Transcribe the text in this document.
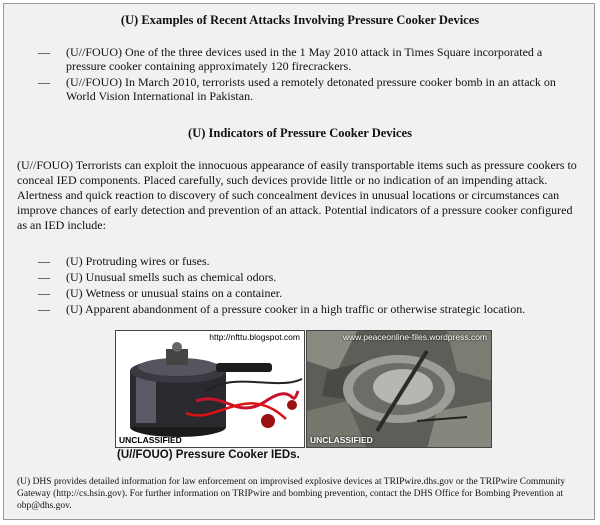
(U) Examples of Recent Attacks Involving Pressure Cooker Devices
—	(U//FOUO) One of the three devices used in the 1 May 2010 attack in Times Square incorporated a pressure cooker containing approximately 120 firecrackers.
—	(U//FOUO) In March 2010, terrorists used a remotely detonated pressure cooker bomb in an attack on World Vision International in Pakistan.
(U) Indicators of Pressure Cooker Devices
(U//FOUO) Terrorists can exploit the innocuous appearance of easily transportable items such as pressure cookers to conceal IED components. Placed carefully, such devices provide little or no indication of an impending attack. Alertness and quick reaction to discovery of such concealment devices in unusual locations or circumstances can improve chances of early detection and prevention of an attack. Potential indicators of a pressure cooker configured as an IED include:
—	(U) Protruding wires or fuses.
—	(U) Unusual smells such as chemical odors.
—	(U) Wetness or unusual stains on a container.
—	(U) Apparent abandonment of a pressure cooker in a high traffic or otherwise strategic location.
http://nfttu.blogspot.com
UNCLASSIFIED
www.peaceonline-files.wordpress.com
UNCLASSIFIED
(U//FOUO) Pressure Cooker IEDs.
(U) DHS provides detailed information for law enforcement on improvised explosive devices at TRIPwire.dhs.gov or the TRIPwire Community Gateway (http://cs.hsin.gov). For further information on TRIPwire and bombing prevention, contact the DHS Office for Bombing Prevention at obp@dhs.gov.
